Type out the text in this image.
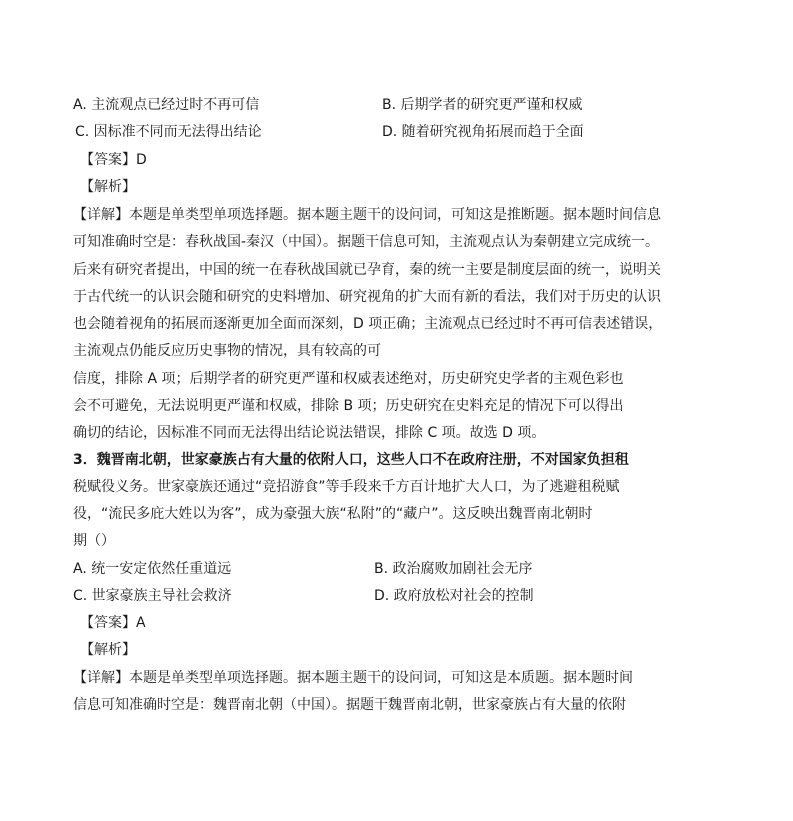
A. 主流观点已经过时不再可信	B. 后期学者的研究更严谨和权威
C. 因标准不同而无法得出结论	D. 随着研究视角拓展而趋于全面
【答案】D
【解析】
【详解】本题是单类型单项选择题。据本题主题干的设问词，可知这是推断题。据本题时间信息
可知准确时空是：春秋战国-秦汉（中国）。据题干信息可知，主流观点认为秦朝建立完成统一。
后来有研究者提出，中国的统一在春秋战国就已孕育，秦的统一主要是制度层面的统一，说明关
于古代统一的认识会随和研究的史料增加、研究视角的扩大而有新的看法，我们对于历史的认识
也会随着视角的拓展而逐渐更加全面而深刻，D 项正确；主流观点已经过时不再可信表述错误，
主流观点仍能反应历史事物的情况，具有较高的可
信度，排除 A 项；后期学者的研究更严谨和权威表述绝对，历史研究史学者的主观色彩也
会不可避免，无法说明更严谨和权威，排除 B 项；历史研究在史料充足的情况下可以得出
确切的结论，因标准不同而无法得出结论说法错误，排除 C 项。故选 D 项。
3．魏晋南北朝，世家豪族占有大量的依附人口，这些人口不在政府注册，不对国家负担租
税赋役义务。世家豪族还通过“竞招游食”等手段来千方百计地扩大人口，为了逃避租税赋
役，“流民多庇大姓以为客”，成为豪强大族“私附”的“藏户”。这反映出魏晋南北朝时
期（）
A. 统一安定依然任重道远	B. 政治腐败加剧社会无序
C. 世家豪族主导社会救济	D. 政府放松对社会的控制
【答案】A
【解析】
【详解】本题是单类型单项选择题。据本题主题干的设问词，可知这是本质题。据本题时间
信息可知准确时空是：魏晋南北朝（中国）。据题干魏晋南北朝，世家豪族占有大量的依附
